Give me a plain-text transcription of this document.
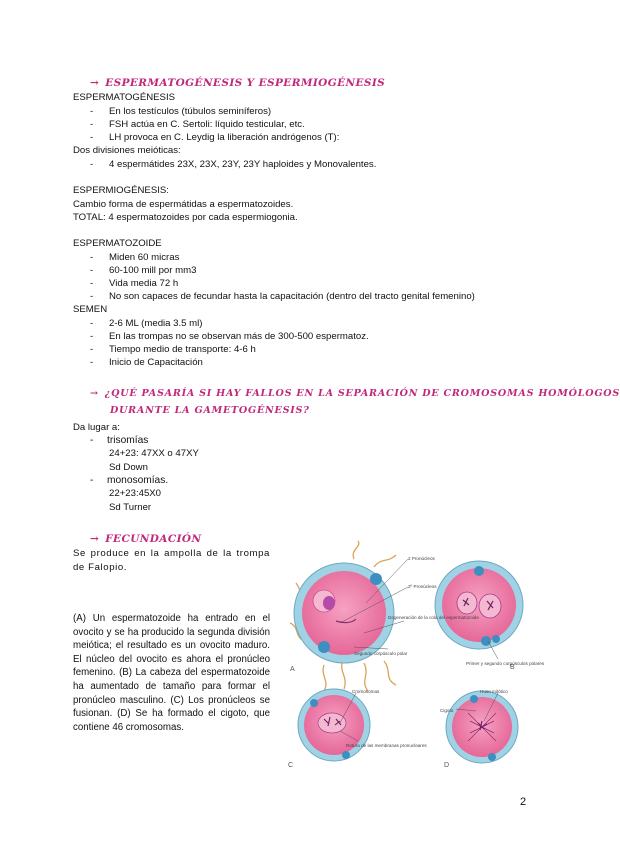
→ ESPERMATOGÉNESIS Y ESPERMIOGÉNESIS
ESPERMATOGÉNESIS
- En los testículos (túbulos seminíferos)
- FSH actúa en C. Sertoli: líquido testicular, etc.
- LH provoca en C. Leydig la liberación andrógenos (T):
Dos divisiones meióticas:
- 4 espermátides 23X, 23X, 23Y, 23Y haploides y Monovalentes.
ESPERMIOGÉNESIS:
Cambio forma de espermátidas a espermatozoides.
TOTAL: 4 espermatozoides por cada espermiogonia.
ESPERMATOZOIDE
- Miden 60 micras
- 60-100 mill por mm3
- Vida media 72 h
- No son capaces de fecundar hasta la capacitación (dentro del tracto genital femenino)
SEMEN
- 2-6 ML (media 3.5 ml)
- En las trompas no se observan más de 300-500 espermatoz.
- Tiempo medio de transporte: 4-6 h
- Inicio de Capacitación
→ ¿QUÉ PASARÍA SI HAY FALLOS EN LA SEPARACIÓN DE CROMOSOMAS HOMÓLOGOS
DURANTE LA GAMETOGÉNESIS?
Da lugar a:
- trisomías
24+23: 47XX o 47XY
Sd Down
- monosomías.
22+23:45X0
Sd Turner
→ FECUNDACIÓN
Se produce en la ampolla de la trompa de Falopio.
(A) Un espermatozoide ha entrado en el ovocito y se ha producido la segunda división meiótica; el resultado es un ovocito maduro. El núcleo del ovocito es ahora el pronúcleo femenino. (B) La cabeza del espermatozoide ha aumentado de tamaño para formar el pronúcleo masculino. (C) Los pronúcleos se fusionan. (D) Se ha formado el cigoto, que contiene 46 cromosomas.
A	B
C	D
2 Pronúcleos
2º Pronúcleos
Degeneración de la cola del espermatozoide
Segundo corpúsculo polar
Primer y segundo corpúsculos polares
Cromosomas
Rotura de las membranas pronucleares
Huso mitótico
Cigoto
2
